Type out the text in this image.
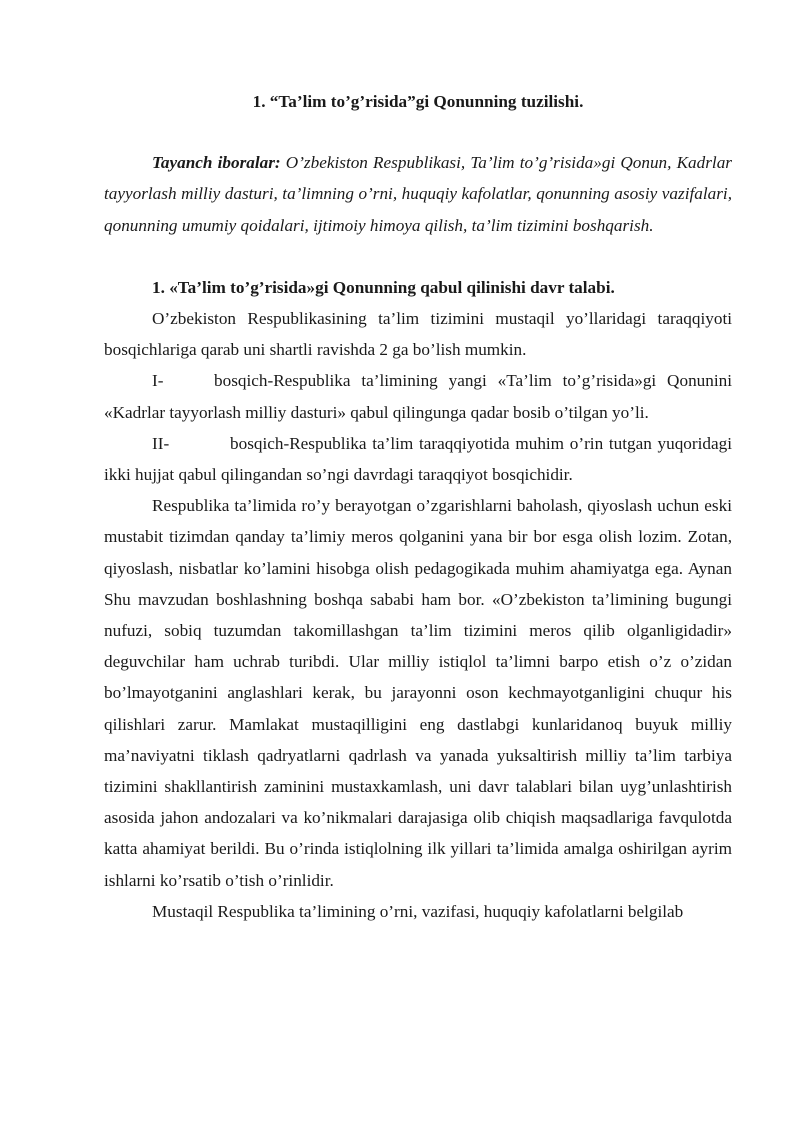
1. “Ta’lim to’g’risida”gi Qonunning tuzilishi.

Tayanch iboralar: O’zbekiston Respublikasi, Ta’lim to’g’risida»gi Qonun, Kadrlar tayyorlash milliy dasturi, ta’limning o’rni, huquqiy kafolatlar, qonunning asosiy vazifalari, qonunning umumiy qoidalari, ijtimoiy himoya qilish, ta’lim tizimini boshqarish.

1. «Ta’lim to’g’risida»gi Qonunning qabul qilinishi davr talabi.

O’zbekiston Respublikasining ta’lim tizimini mustaqil yo’llaridagi taraqqiyoti bosqichlariga qarab uni shartli ravishda 2 ga bo’lish mumkin.

I-	bosqich-Respublika ta’limining yangi «Ta’lim to’g’risida»gi Qonunini «Kadrlar tayyorlash milliy dasturi» qabul qilingunga qadar bosib o’tilgan yo’li.

II-	bosqich-Respublika ta’lim taraqqiyotida muhim o’rin tutgan yuqoridagi ikki hujjat qabul qilingandan so’ngi davrdagi taraqqiyot bosqichidir.

Respublika ta’limida ro’y berayotgan o’zgarishlarni baholash, qiyoslash uchun eski mustabit tizimdan qanday ta’limiy meros qolganini yana bir bor esga olish lozim. Zotan, qiyoslash, nisbatlar ko’lamini hisobga olish pedagogikada muhim ahamiyatga ega. Aynan Shu mavzudan boshlashning boshqa sababi ham bor. «O’zbekiston ta’limining bugungi nufuzi, sobiq tuzumdan takomillashgan ta’lim tizimini meros qilib olganligidadir» deguvchilar ham uchrab turibdi. Ular milliy istiqlol ta’limni barpo etish o’z o’zidan bo’lmayotganini anglashlari kerak, bu jarayonni oson kechmayotganligini chuqur his qilishlari zarur. Mamlakat mustaqilligini eng dastlabgi kunlaridanoq buyuk milliy ma’naviyatni tiklash qadryatlarni qadrlash va yanada yuksaltirish milliy ta’lim tarbiya tizimini shakllantirish zaminini mustaxkamlash, uni davr talablari bilan uyg’unlashtirish asosida jahon andozalari va ko’nikmalari darajasiga olib chiqish maqsadlariga favqulotda katta ahamiyat berildi. Bu o’rinda istiqlolning ilk yillari ta’limida amalga oshirilgan ayrim ishlarni ko’rsatib o’tish o’rinlidir.

Mustaqil Respublika ta’limining o’rni, vazifasi, huquqiy kafolatlarni belgilab
